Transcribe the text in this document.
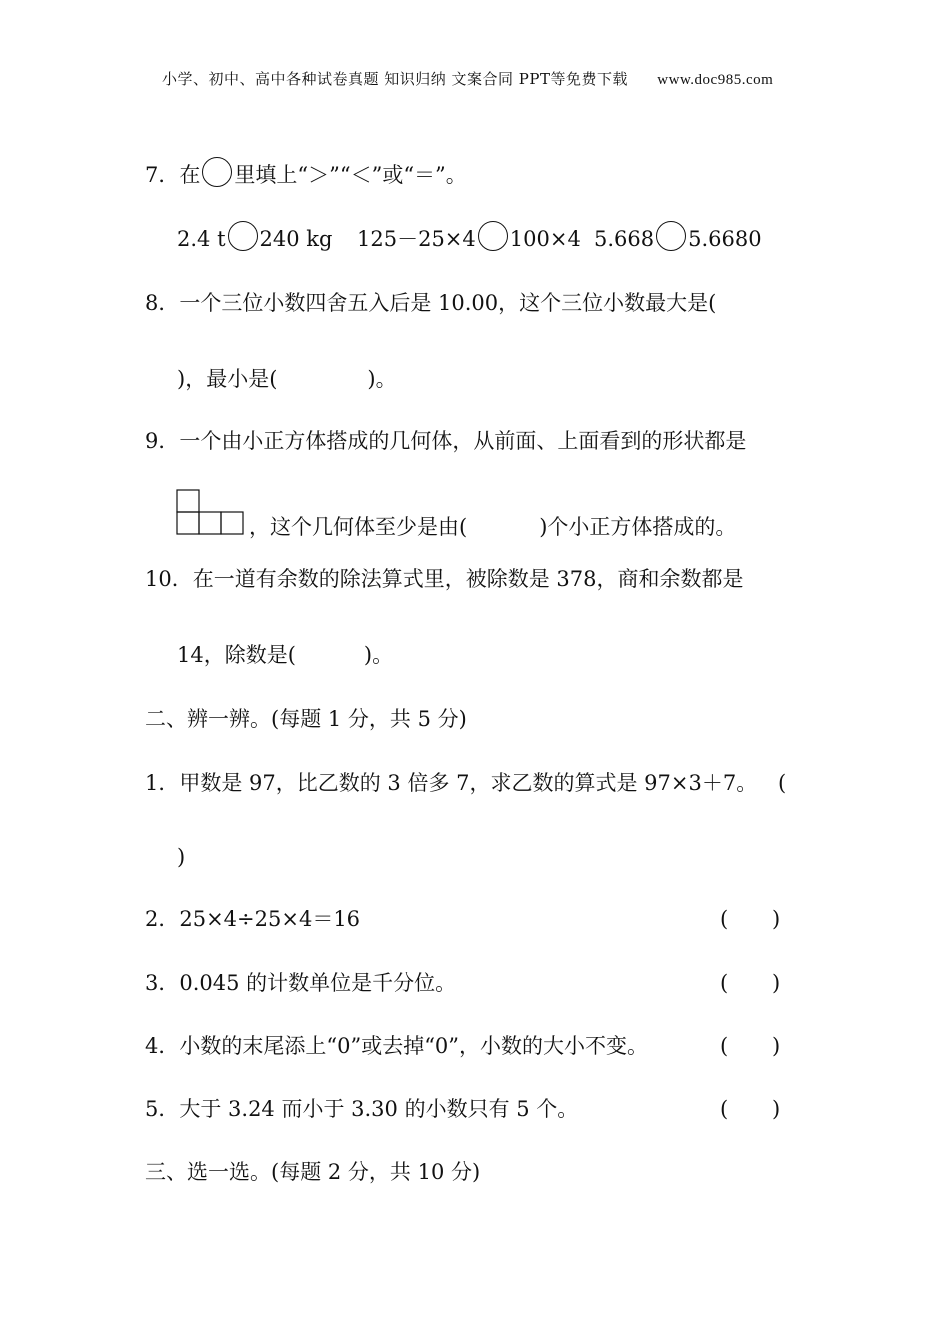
小学、初中、高中各种试卷真题 知识归纳 文案合同 PPT等免费下载 www.doc985.com
7．在 里填上“＞”“＜”或“＝”。
2.4 t 240 kg 125－25×4 100×4 5.668 5.6680
8．一个三位小数四舍五入后是 10.00，这个三位小数最大是(
)，最小是(	)。
9．一个由小正方体搭成的几何体，从前面、上面看到的形状都是
，这个几何体至少是由(	)个小正方体搭成的。
10．在一道有余数的除法算式里，被除数是 378，商和余数都是
14，除数是(	)。
二、辨一辨。(每题 1 分，共 5 分)
1．甲数是 97，比乙数的 3 倍多 7，求乙数的算式是 97×3＋7。 (
)
2．25×4÷25×4＝16	( )
3．0.045 的计数单位是千分位。	( )
4．小数的末尾添上“0”或去掉“0”，小数的大小不变。	( )
5．大于 3.24 而小于 3.30 的小数只有 5 个。	( )
三、选一选。(每题 2 分，共 10 分)
